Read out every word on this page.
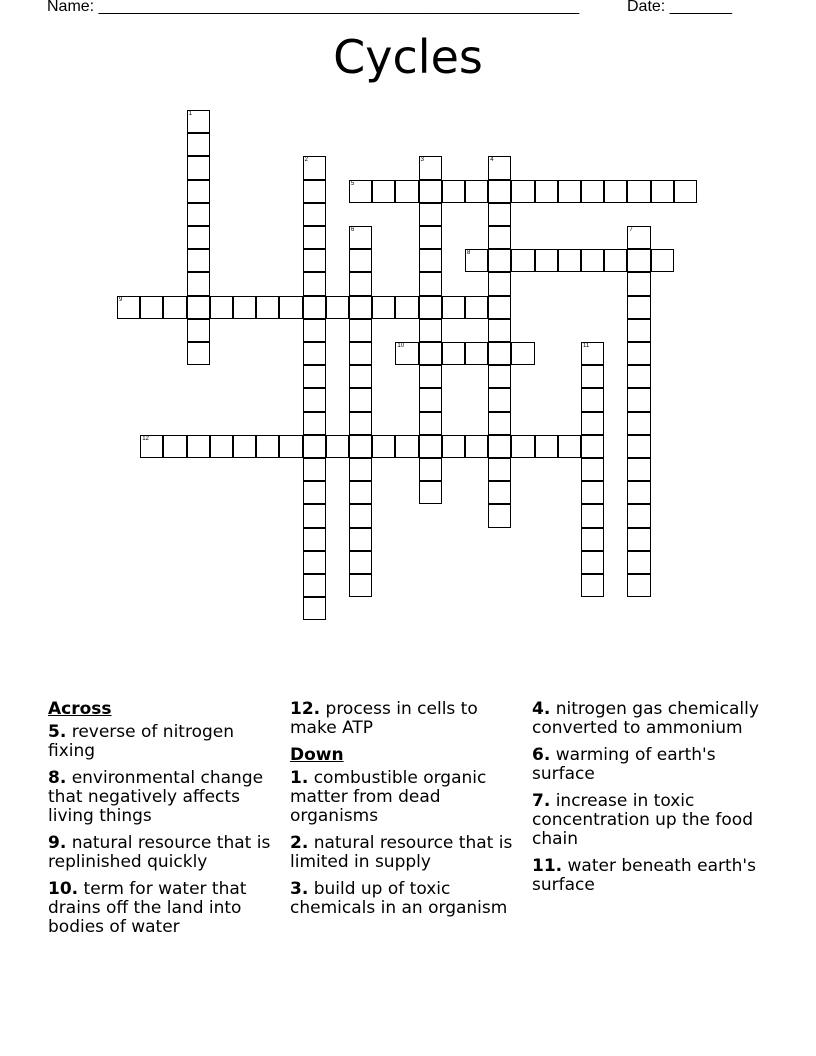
Name: ______________________________________________________	Date: _______
Cycles
1
2	3	4
5
6	7
8
9
10	11
12
Across
5. reverse of nitrogen fixing
8. environmental change that negatively affects living things
9. natural resource that is replinished quickly
10. term for water that drains off the land into bodies of water
12. process in cells to make ATP
Down
1. combustible organic matter from dead organisms
2. natural resource that is limited in supply
3. build up of toxic chemicals in an organism
4. nitrogen gas chemically converted to ammonium
6. warming of earth's surface
7. increase in toxic concentration up the food chain
11. water beneath earth's surface
